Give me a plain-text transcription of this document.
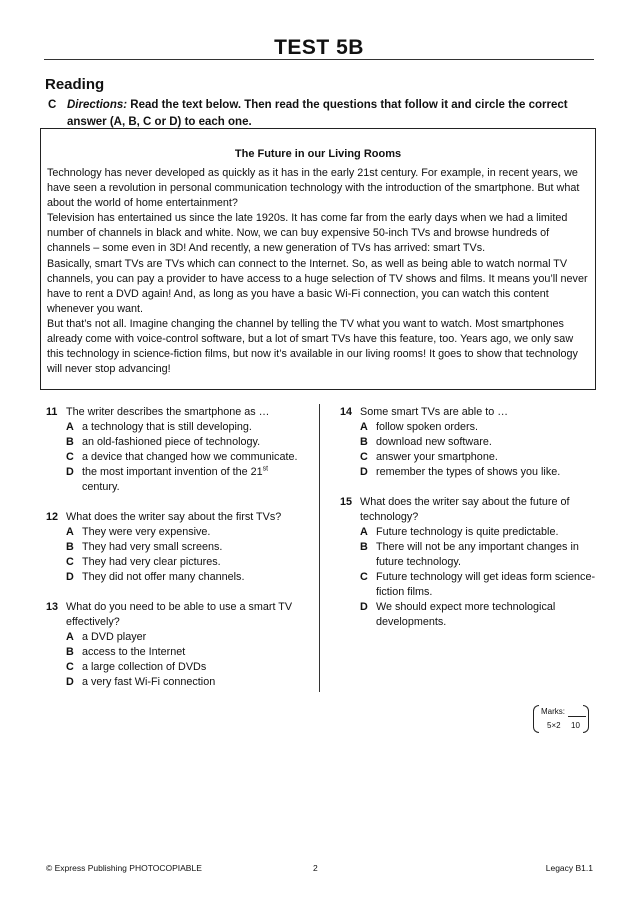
TEST 5B
Reading
C Directions: Read the text below. Then read the questions that follow it and circle the correct answer (A, B, C or D) to each one.
The Future in our Living Rooms

Technology has never developed as quickly as it has in the early 21st century. For example, in recent years, we have seen a revolution in personal communication technology with the introduction of the smartphone. But what about the world of home entertainment?

Television has entertained us since the late 1920s. It has come far from the early days when we had a limited number of channels in black and white. Now, we can buy expensive 50-inch TVs and browse hundreds of channels – some even in 3D! And recently, a new generation of TVs has arrived: smart TVs.

Basically, smart TVs are TVs which can connect to the Internet. So, as well as being able to watch normal TV channels, you can pay a provider to have access to a huge selection of TV shows and films. It means you’ll never have to rent a DVD again! And, as long as you have a basic Wi-Fi connection, you can watch this content whenever you want.

But that’s not all. Imagine changing the channel by telling the TV what you want to watch. Most smartphones already come with voice-control software, but a lot of smart TVs have this feature, too. Years ago, we only saw this technology in science-fiction films, but now it’s available in our living rooms! It goes to show that technology will never stop advancing!

11 The writer describes the smartphone as …
A a technology that is still developing.
B an old-fashioned piece of technology.
C a device that changed how we communicate.
D the most important invention of the 21st
century.
12 What does the writer say about the first TVs?
A They were very expensive.
B They had very small screens.
C They had very clear pictures.
D They did not offer many channels.
13 What do you need to be able to use a smart TV effectively?
A a DVD player
B access to the Internet
C a large collection of DVDs
D a very fast Wi-Fi connection
14 Some smart TVs are able to …
A follow spoken orders.
B download new software.
C answer your smartphone.
D remember the types of shows you like.
15 What does the writer say about the future of technology?
A Future technology is quite predictable.
B There will not be any important changes in future technology.
C Future technology will get ideas form science-fiction films.
D We should expect more technological developments.
Marks:
5×2 10
© Express Publishing PHOTOCOPIABLE	2	Legacy B1.1
